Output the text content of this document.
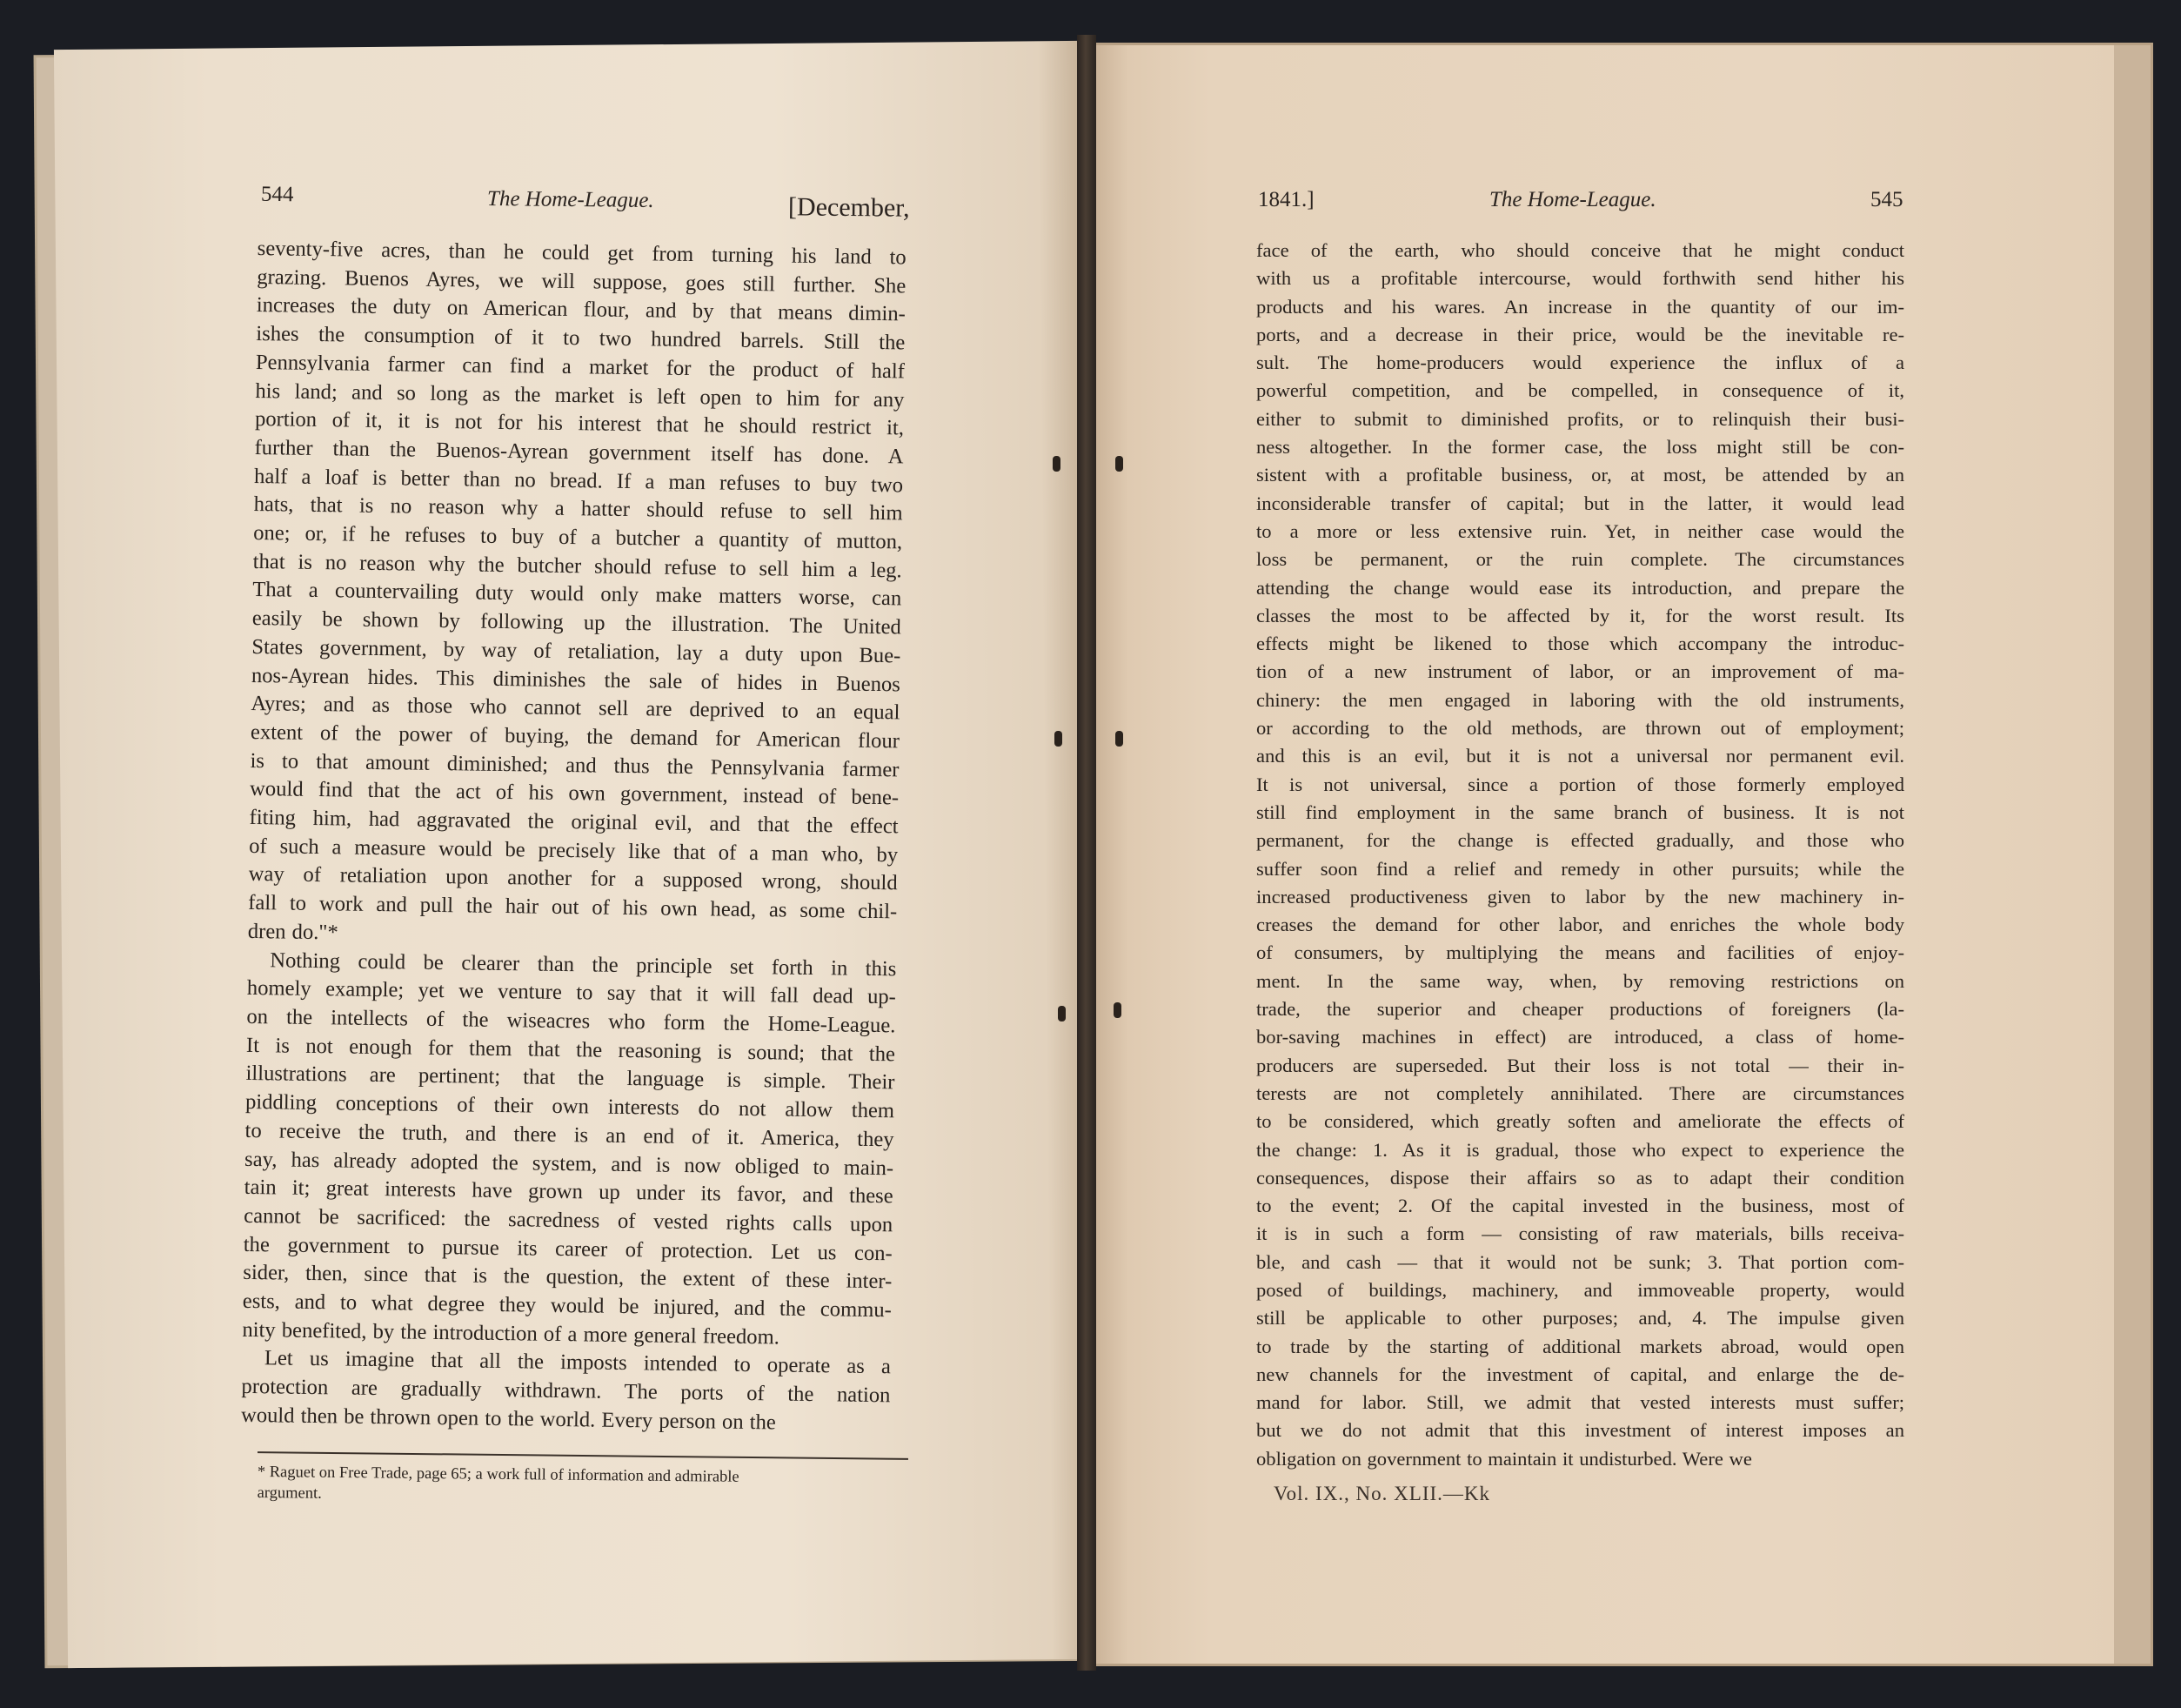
544	The Home-League.	[December,
seventy-five acres, than he could get from turning his land to
grazing. Buenos Ayres, we will suppose, goes still further. She
increases the duty on American flour, and by that means dimin-
ishes the consumption of it to two hundred barrels. Still the
Pennsylvania farmer can find a market for the product of half
his land; and so long as the market is left open to him for any
portion of it, it is not for his interest that he should restrict it,
further than the Buenos-Ayrean government itself has done. A
half a loaf is better than no bread. If a man refuses to buy two
hats, that is no reason why a hatter should refuse to sell him
one; or, if he refuses to buy of a butcher a quantity of mutton,
that is no reason why the butcher should refuse to sell him a leg.
That a countervailing duty would only make matters worse, can
easily be shown by following up the illustration. The United
States government, by way of retaliation, lay a duty upon Bue-
nos-Ayrean hides. This diminishes the sale of hides in Buenos
Ayres; and as those who cannot sell are deprived to an equal
extent of the power of buying, the demand for American flour
is to that amount diminished; and thus the Pennsylvania farmer
would find that the act of his own government, instead of bene-
fiting him, had aggravated the original evil, and that the effect
of such a measure would be precisely like that of a man who, by
way of retaliation upon another for a supposed wrong, should
fall to work and pull the hair out of his own head, as some chil-
dren do."*
Nothing could be clearer than the principle set forth in this
homely example; yet we venture to say that it will fall dead up-
on the intellects of the wiseacres who form the Home-League.
It is not enough for them that the reasoning is sound; that the
illustrations are pertinent; that the language is simple. Their
piddling conceptions of their own interests do not allow them
to receive the truth, and there is an end of it. America, they
say, has already adopted the system, and is now obliged to main-
tain it; great interests have grown up under its favor, and these
cannot be sacrificed: the sacredness of vested rights calls upon
the government to pursue its career of protection. Let us con-
sider, then, since that is the question, the extent of these inter-
ests, and to what degree they would be injured, and the commu-
nity benefited, by the introduction of a more general freedom.
Let us imagine that all the imposts intended to operate as a
protection are gradually withdrawn. The ports of the nation
would then be thrown open to the world. Every person on the
* Raguet on Free Trade, page 65; a work full of information and admirable
argument.
1841.]	The Home-League.	545
face of the earth, who should conceive that he might conduct
with us a profitable intercourse, would forthwith send hither his
products and his wares. An increase in the quantity of our im-
ports, and a decrease in their price, would be the inevitable re-
sult. The home-producers would experience the influx of a
powerful competition, and be compelled, in consequence of it,
either to submit to diminished profits, or to relinquish their busi-
ness altogether. In the former case, the loss might still be con-
sistent with a profitable business, or, at most, be attended by an
inconsiderable transfer of capital; but in the latter, it would lead
to a more or less extensive ruin. Yet, in neither case would the
loss be permanent, or the ruin complete. The circumstances
attending the change would ease its introduction, and prepare the
classes the most to be affected by it, for the worst result. Its
effects might be likened to those which accompany the introduc-
tion of a new instrument of labor, or an improvement of ma-
chinery: the men engaged in laboring with the old instruments,
or according to the old methods, are thrown out of employment;
and this is an evil, but it is not a universal nor permanent evil.
It is not universal, since a portion of those formerly employed
still find employment in the same branch of business. It is not
permanent, for the change is effected gradually, and those who
suffer soon find a relief and remedy in other pursuits; while the
increased productiveness given to labor by the new machinery in-
creases the demand for other labor, and enriches the whole body
of consumers, by multiplying the means and facilities of enjoy-
ment. In the same way, when, by removing restrictions on
trade, the superior and cheaper productions of foreigners (la-
bor-saving machines in effect) are introduced, a class of home-
producers are superseded. But their loss is not total — their in-
terests are not completely annihilated. There are circumstances
to be considered, which greatly soften and ameliorate the effects of
the change: 1. As it is gradual, those who expect to experience the
consequences, dispose their affairs so as to adapt their condition
to the event; 2. Of the capital invested in the business, most of
it is in such a form — consisting of raw materials, bills receiva-
ble, and cash — that it would not be sunk; 3. That portion com-
posed of buildings, machinery, and immoveable property, would
still be applicable to other purposes; and, 4. The impulse given
to trade by the starting of additional markets abroad, would open
new channels for the investment of capital, and enlarge the de-
mand for labor. Still, we admit that vested interests must suffer;
but we do not admit that this investment of interest imposes an
obligation on government to maintain it undisturbed. Were we
Vol. IX., No. XLII.—Kk
